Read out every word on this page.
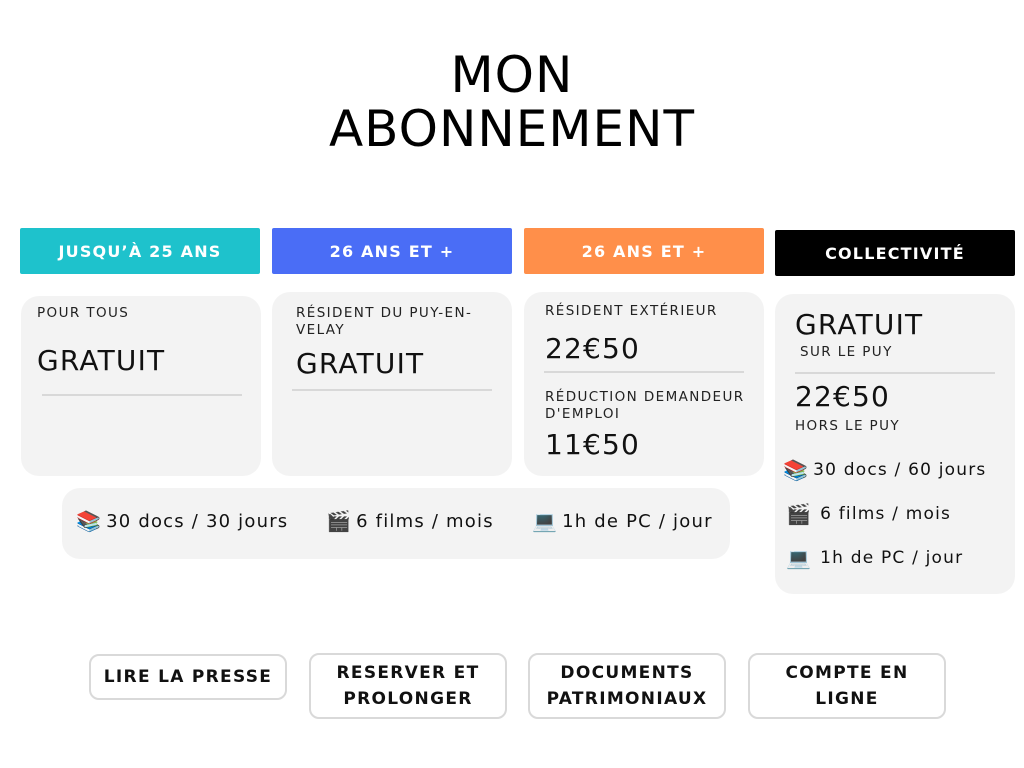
MON
ABONNEMENT
JUSQU’À 25 ANS	26 ANS ET +	26 ANS ET +	COLLECTIVITÉ
POUR TOUS
GRATUIT
RÉSIDENT DU PUY-EN-VELAY
GRATUIT
RÉSIDENT EXTÉRIEUR
22€50
RÉDUCTION DEMANDEUR D'EMPLOI
11€50
GRATUIT
SUR LE PUY
22€50
HORS LE PUY
📚 30 docs / 60 jours
🎬 6 films / mois
💻 1h de PC / jour
📚 30 docs / 30 jours 🎬 6 films / mois 💻 1h de PC / jour
LIRE LA PRESSE	RESERVER ET
PROLONGER
DOCUMENTS
PATRIMONIAUX
COMPTE EN
LIGNE
